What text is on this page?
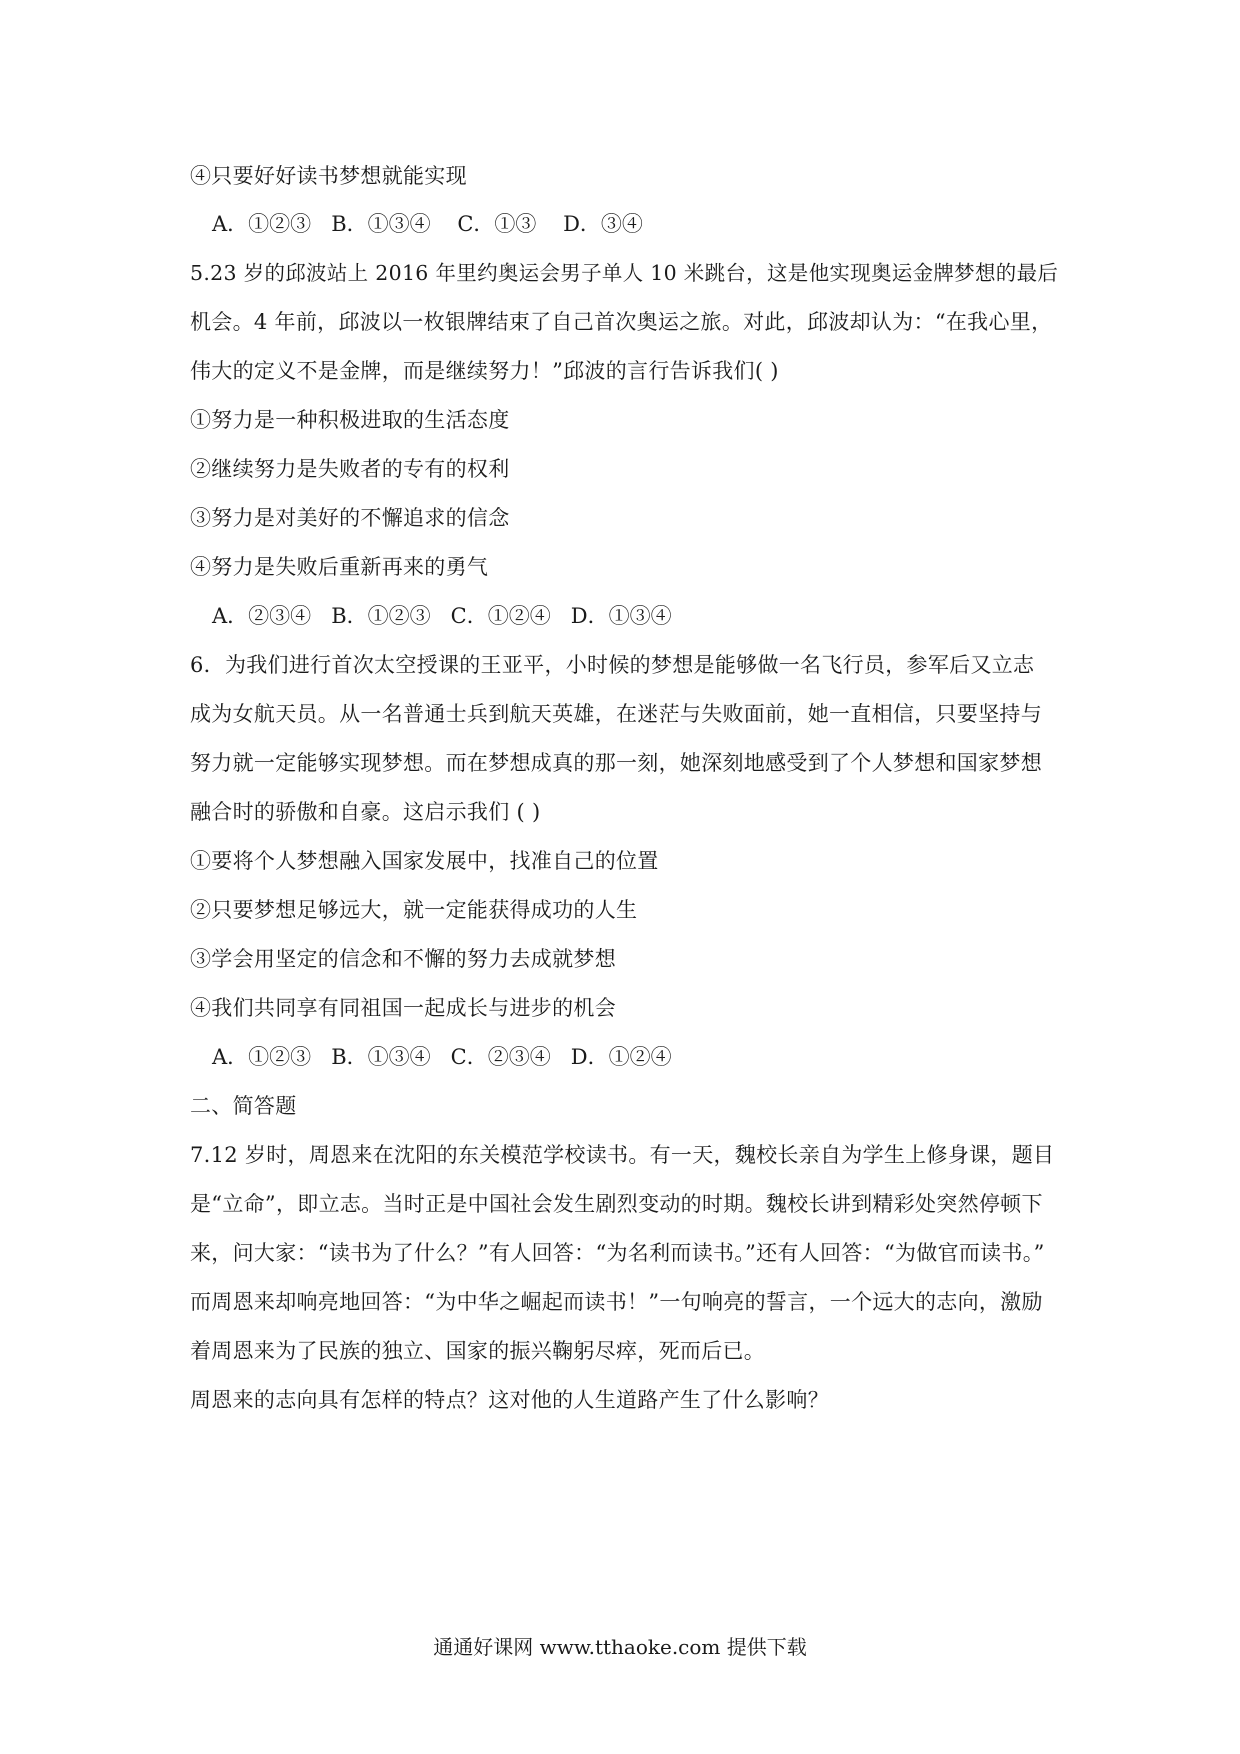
④只要好好读书梦想就能实现
A．①②③   B．①③④    C．①③    D．③④
5.23 岁的邱波站上 2016 年里约奥运会男子单人 10 米跳台，这是他实现奥运金牌梦想的最后
机会。4 年前，邱波以一枚银牌结束了自己首次奥运之旅。对此，邱波却认为：“在我心里，
伟大的定义不是金牌，而是继续努力！”邱波的言行告诉我们( )
①努力是一种积极进取的生活态度
②继续努力是失败者的专有的权利
③努力是对美好的不懈追求的信念
④努力是失败后重新再来的勇气
A．②③④   B．①②③   C．①②④   D．①③④
6．为我们进行首次太空授课的王亚平，小时候的梦想是能够做一名飞行员，参军后又立志
成为女航天员。从一名普通士兵到航天英雄，在迷茫与失败面前，她一直相信，只要坚持与
努力就一定能够实现梦想。而在梦想成真的那一刻，她深刻地感受到了个人梦想和国家梦想
融合时的骄傲和自豪。这启示我们 ( )
①要将个人梦想融入国家发展中，找准自己的位置
②只要梦想足够远大，就一定能获得成功的人生
③学会用坚定的信念和不懈的努力去成就梦想
④我们共同享有同祖国一起成长与进步的机会
A．①②③   B．①③④   C．②③④   D．①②④
二、简答题
7.12 岁时，周恩来在沈阳的东关模范学校读书。有一天，魏校长亲自为学生上修身课，题目
是“立命”，即立志。当时正是中国社会发生剧烈变动的时期。魏校长讲到精彩处突然停顿下
来，问大家：“读书为了什么？”有人回答：“为名利而读书。”还有人回答：“为做官而读书。”
而周恩来却响亮地回答：“为中华之崛起而读书！”一句响亮的誓言，一个远大的志向，激励
着周恩来为了民族的独立、国家的振兴鞠躬尽瘁，死而后已。
周恩来的志向具有怎样的特点？这对他的人生道路产生了什么影响？
通通好课网 www.tthaoke.com 提供下载
